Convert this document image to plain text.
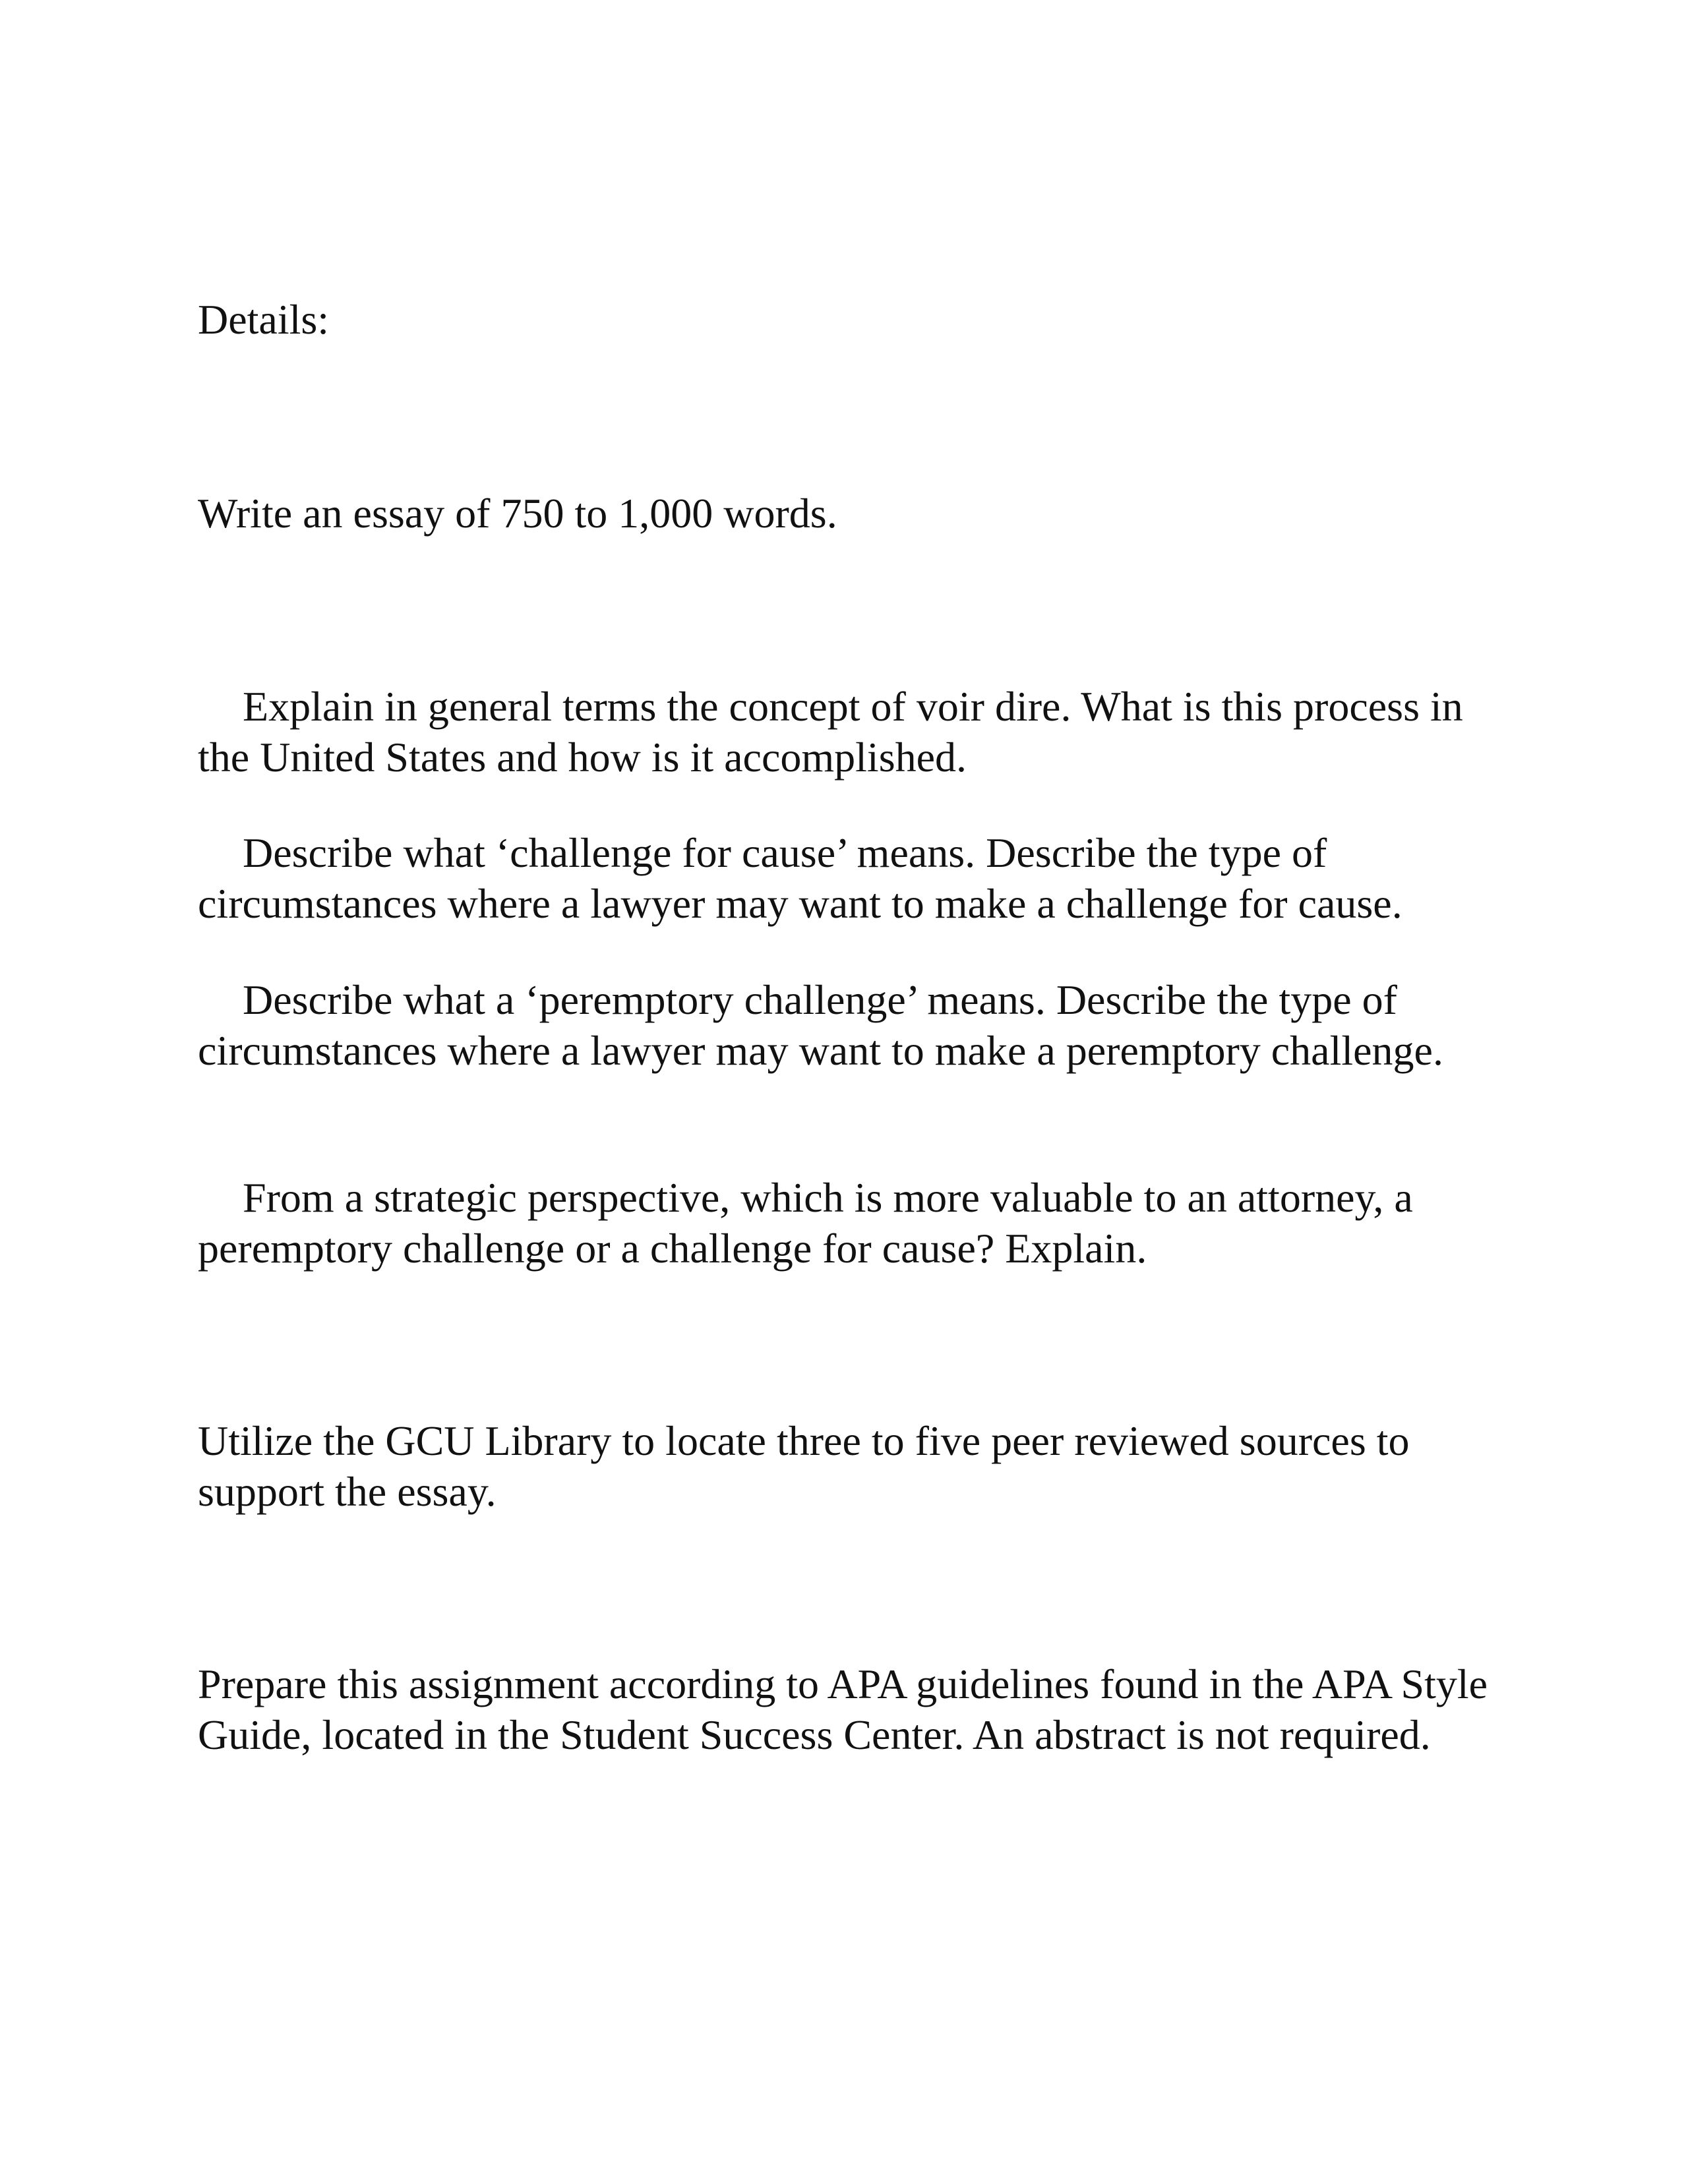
Details:

Write an essay of 750 to 1,000 words.

Explain in general terms the concept of voir dire. What is this process in the United States and how is it accomplished.

Describe what ‘challenge for cause’ means. Describe the type of circumstances where a lawyer may want to make a challenge for cause.

Describe what a ‘peremptory challenge’ means. Describe the type of circumstances where a lawyer may want to make a peremptory challenge.

From a strategic perspective, which is more valuable to an attorney, a peremptory challenge or a challenge for cause? Explain.

Utilize the GCU Library to locate three to five peer reviewed sources to support the essay.

Prepare this assignment according to APA guidelines found in the APA Style Guide, located in the Student Success Center. An abstract is not required.
